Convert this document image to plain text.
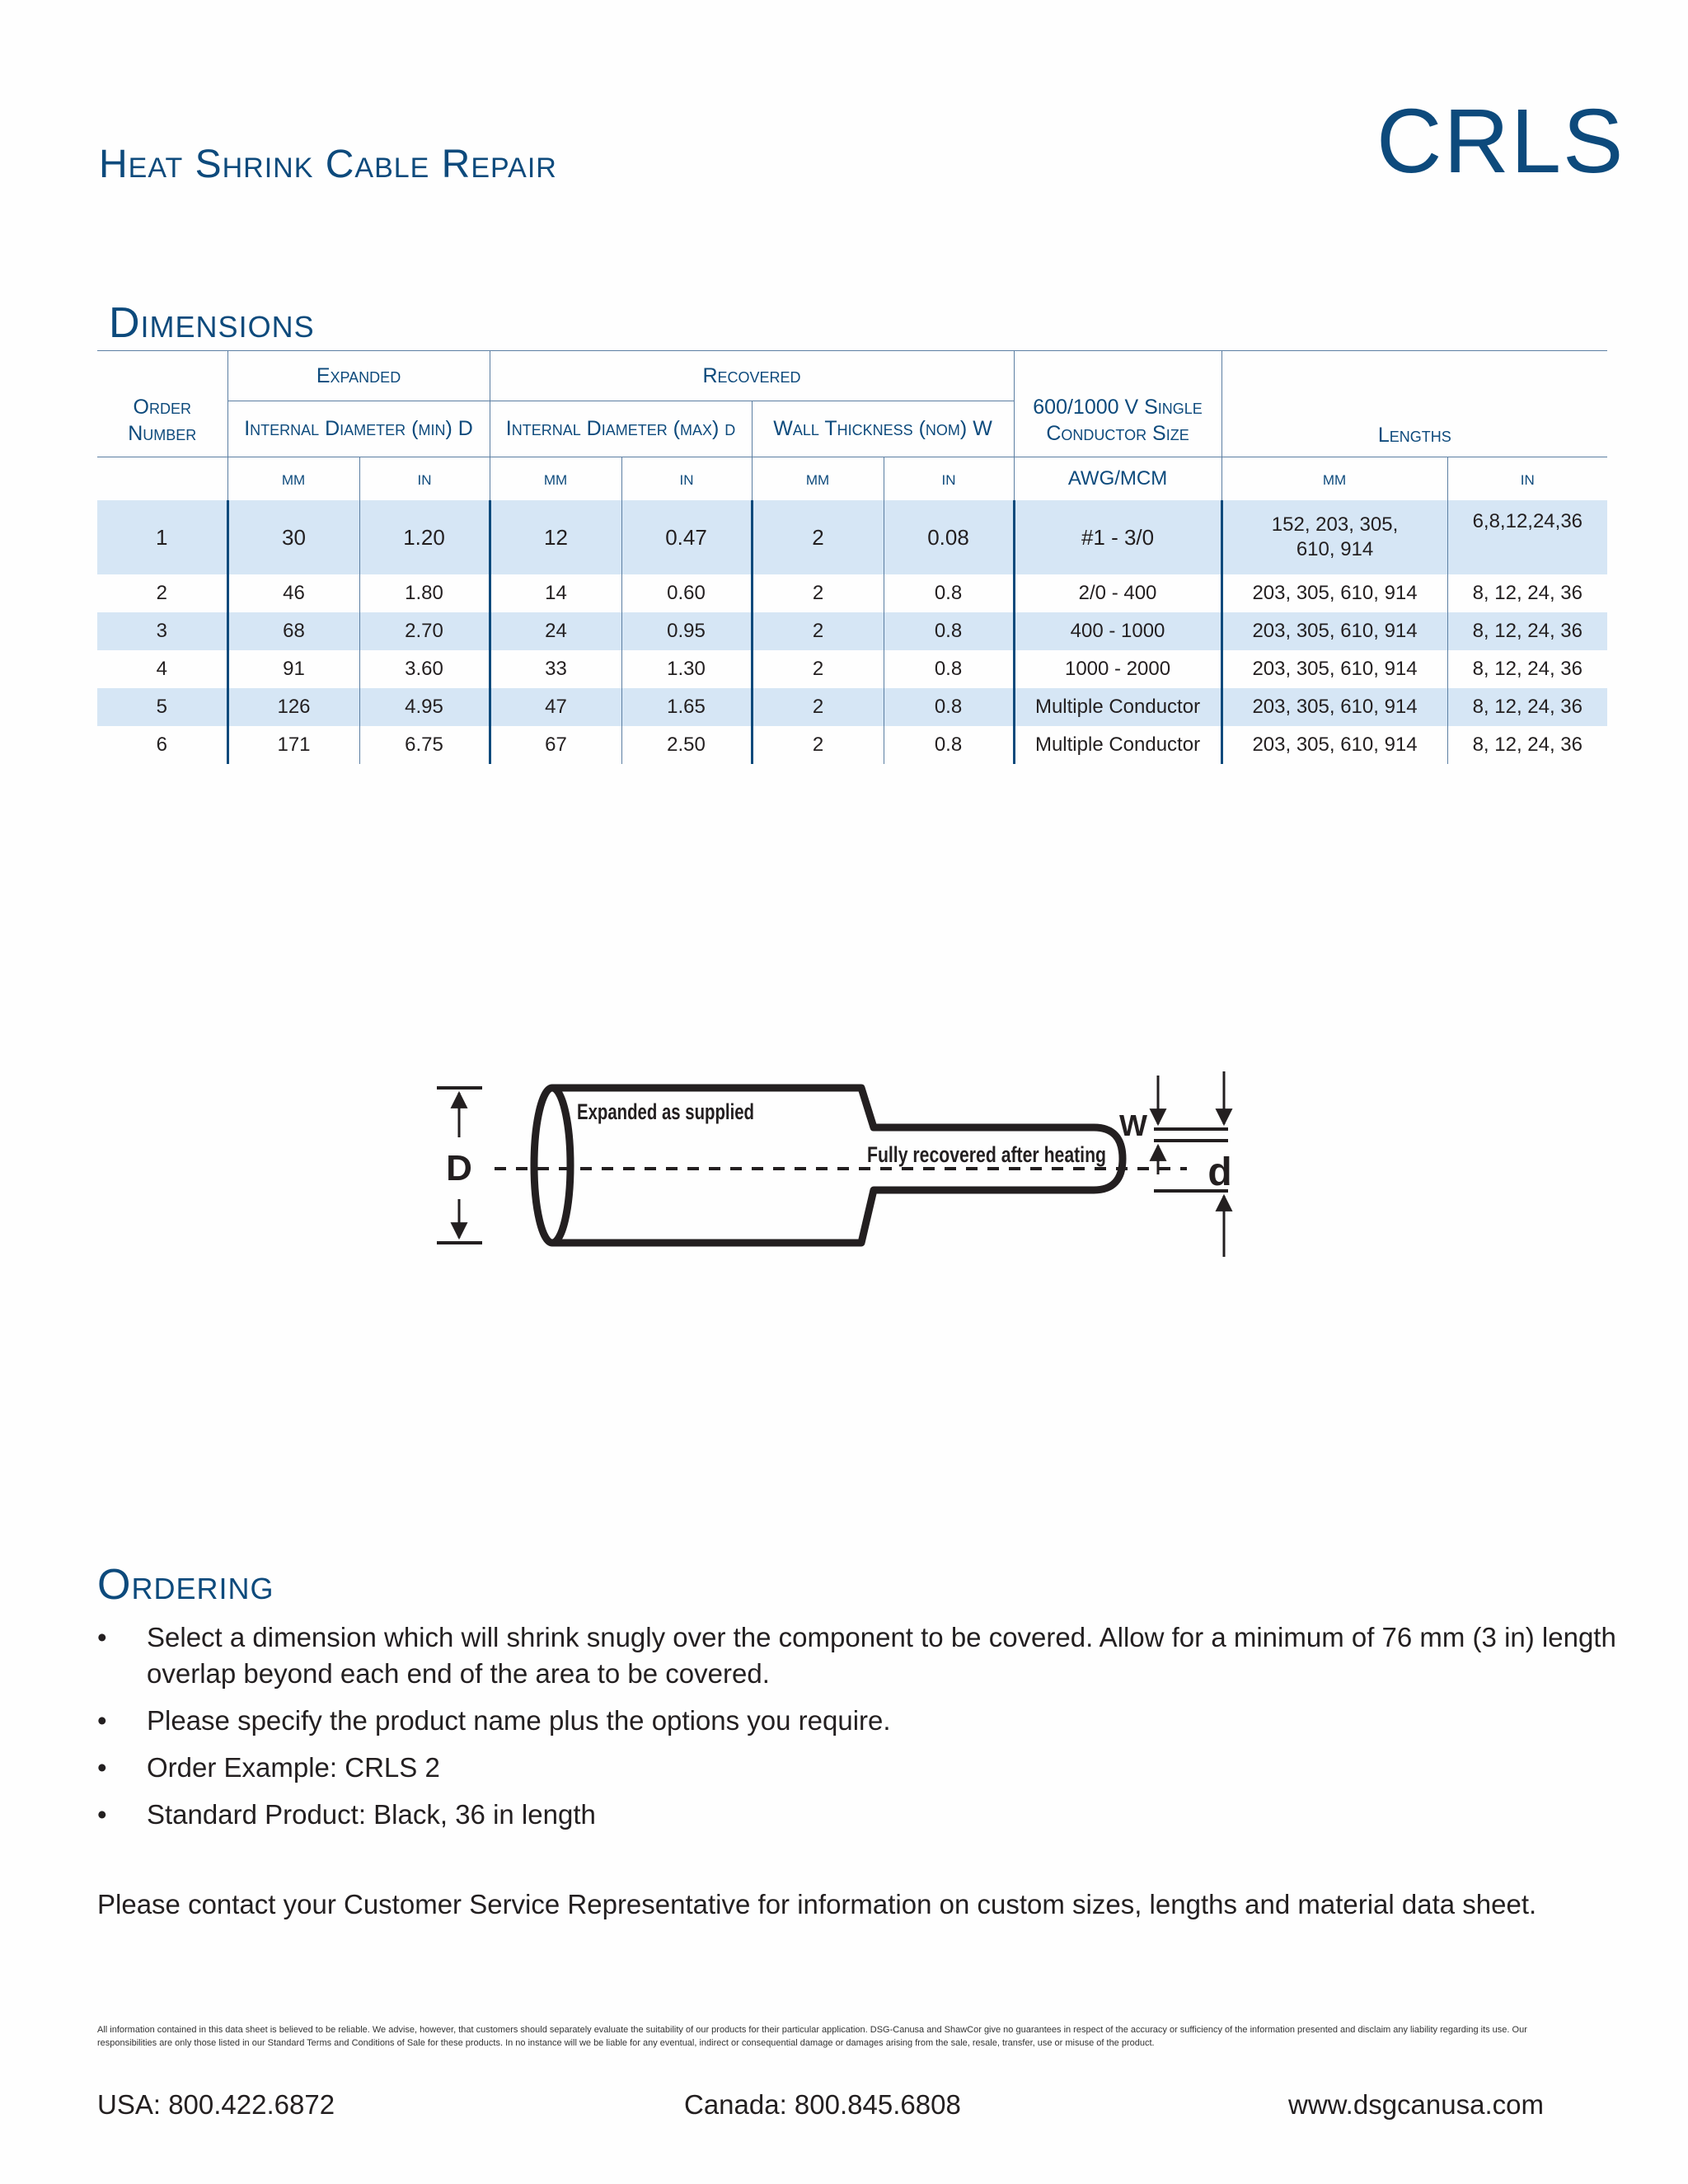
Heat Shrink Cable Repair	CRLS
Dimensions
Order Number	Expanded		Recovered				600/1000 V Single Conductor Size	Lengths	
	Internal Diameter (min) D		Internal Diameter (max) d		Wall Thickness (nom) W				
	mm	in	mm	in	mm	in	AWG/MCM	mm	in
1	30	1.20	12	0.47	2	0.08	#1 - 3/0	152, 203, 305, 610, 914	6,8,12,24,36
2	46	1.80	14	0.60	2	0.8	2/0 - 400	203, 305, 610, 914	8, 12, 24, 36
3	68	2.70	24	0.95	2	0.8	400 - 1000	203, 305, 610, 914	8, 12, 24, 36
4	91	3.60	33	1.30	2	0.8	1000 - 2000	203, 305, 610, 914	8, 12, 24, 36
5	126	4.95	47	1.65	2	0.8	Multiple Conductor	203, 305, 610, 914	8, 12, 24, 36
6	171	6.75	67	2.50	2	0.8	Multiple Conductor	203, 305, 610, 914	8, 12, 24, 36
D
W
d
Expanded as supplied
Fully recovered after heating
Ordering
• Select a dimension which will shrink snugly over the component to be covered. Allow for a minimum of 76 mm (3 in) length overlap beyond each end of the area to be covered.
• Please specify the product name plus the options you require.
• Order Example: CRLS 2
• Standard Product: Black, 36 in length
Please contact your Customer Service Representative for information on custom sizes, lengths and material data sheet.
All information contained in this data sheet is believed to be reliable. We advise, however, that customers should separately evaluate the suitability of our products for their particular application. DSG-Canusa and ShawCor give no guarantees in respect of the accuracy or sufficiency of the information presented and disclaim any liability regarding its use. Our responsibilities are only those listed in our Standard Terms and Conditions of Sale for these products. In no instance will we be liable for any eventual, indirect or consequential damage or damages arising from the sale, resale, transfer, use or misuse of the product.
USA: 800.422.6872	Canada: 800.845.6808	www.dsgcanusa.com
